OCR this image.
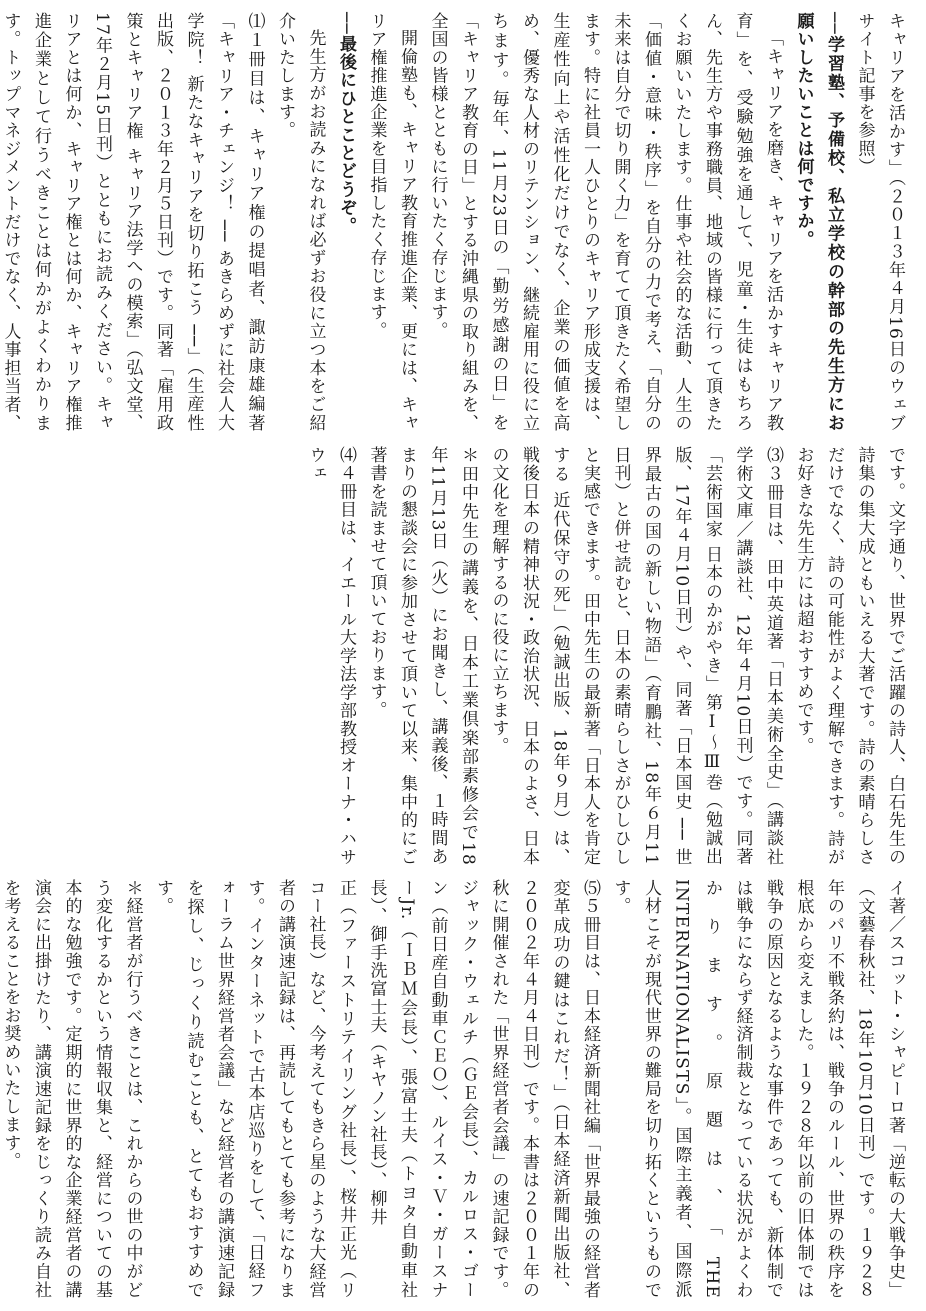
キャリアを活かす」（２０１３年４月16日のウェブサイト記事を参照）

──学習塾、予備校、私立学校の幹部の先生方にお願いしたいことは何ですか。

「キャリアを磨き、キャリアを活かすキャリア教育」を、受験勉強を通して、児童・生徒はもちろん、先生方や事務職員、地域の皆様に行って頂きたくお願いいたします。仕事や社会的な活動、人生の「価値・意味・秩序」を自分の力で考え、「自分の未来は自分で切り開く力」を育てて頂きたく希望します。特に社員一人ひとりのキャリア形成支援は、生産性向上や活性化だけでなく、企業の価値を高め、優秀な人材のリテンション、継続雇用に役に立ちます。毎年、11月23日の「勤労感謝の日」を「キャリア教育の日」とする沖縄県の取り組みを、全国の皆様とともに行いたく存じます。

開倫塾も、キャリア教育推進企業、更には、キャリア権推進企業を目指したく存じます。

──最後にひとことどうぞ。

先生方がお読みになれば必ずお役に立つ本をご紹介いたします。

⑴１冊目は、キャリア権の提唱者、諏訪康雄編著「キャリア・チェンジ！ ── あきらめずに社会人大学院！ 新たなキャリアを切り拓こう ──」（生産性出版、２０１３年２月５日刊）です。同著「雇用政策とキャリア権 キャリア法学への模索」（弘文堂、17年２月15日刊）とともにお読みください。キャリアとは何か、キャリア権とは何か、キャリア権推進企業として行うべきことは何かがよくわかります。トップマネジメントだけでなく、人事担当者、

です。文字通り、世界でご活躍の詩人、白石先生の詩集の集大成ともいえる大著です。詩の素晴らしさだけでなく、詩の可能性がよく理解できます。詩がお好きな先生方には超おすすめです。

⑶３冊目は、田中英道著「日本美術全史」（講談社学術文庫／講談社、12年４月10日刊）です。同著「芸術国家 日本のかがやき」第Ⅰ～Ⅲ巻（勉誠出版、17年４月10日刊）や、同著「日本国史 ── 世界最古の国の新しい物語」（育鵬社、18年６月11日刊）と併せ読むと、日本の素晴らしさがひしひしと実感できます。田中先生の最新著「日本人を肯定する 近代保守の死」（勉誠出版、18年９月）は、戦後日本の精神状況・政治状況、日本のよさ、日本の文化を理解するのに役に立ちます。

＊田中先生の講義を、日本工業倶楽部素修会で18年11月13日（火）にお聞きし、講義後、１時間あまりの懇談会に参加させて頂いて以来、集中的にご著書を読ませて頂いております。

⑷４冊目は、イエール大学法学部教授オーナ・ハサウェ

イ著／スコット・シャピーロ著「逆転の大戦争史」（文藝春秋社、18年10月10日刊）です。１９２８年のパリ不戦条約は、戦争のルール、世界の秩序を根底から変えました。１９２８年以前の旧体制では戦争の原因となるような事件であっても、新体制では戦争にならず経済制裁となっている状況がよくわかります。原題は、「THE INTERNATIONALISTS」。国際主義者、国際派人材こそが現代世界の難局を切り拓くというものです。

⑸５冊目は、日本経済新聞社編「世界最強の経営者 変革成功の鍵はこれだ！」（日本経済新聞出版社、２００２年４月４日刊）です。本書は２００１年の秋に開催された「世界経営者会議」の速記録です。ジャック・ウェルチ（ＧＥ会長）、カルロス・ゴーン（前日産自動車ＣＥＯ）、ルイス・Ｖ・ガースナーJr.（ＩＢＭ会長）、張富士夫（トヨタ自動車社長）、御手洗富士夫（キヤノン社長）、柳井

正（ファーストリテイリング社長）、桜井正光（リコー社長）など、今考えてもきら星のような大経営者の講演速記録は、再読してもとても参考になります。インターネットで古本店巡りをして、「日経フォーラム世界経営者会議」など経営者の講演速記録を探し、じっくり読むことも、とてもおすすめです。

＊経営者が行うべきことは、これからの世の中がどう変化するかという情報収集と、経営についての基本的な勉強です。定期的に世界的な企業経営者の講演会に出掛けたり、講演速記録をじっくり読み自社を考えることをお奨めいたします。
